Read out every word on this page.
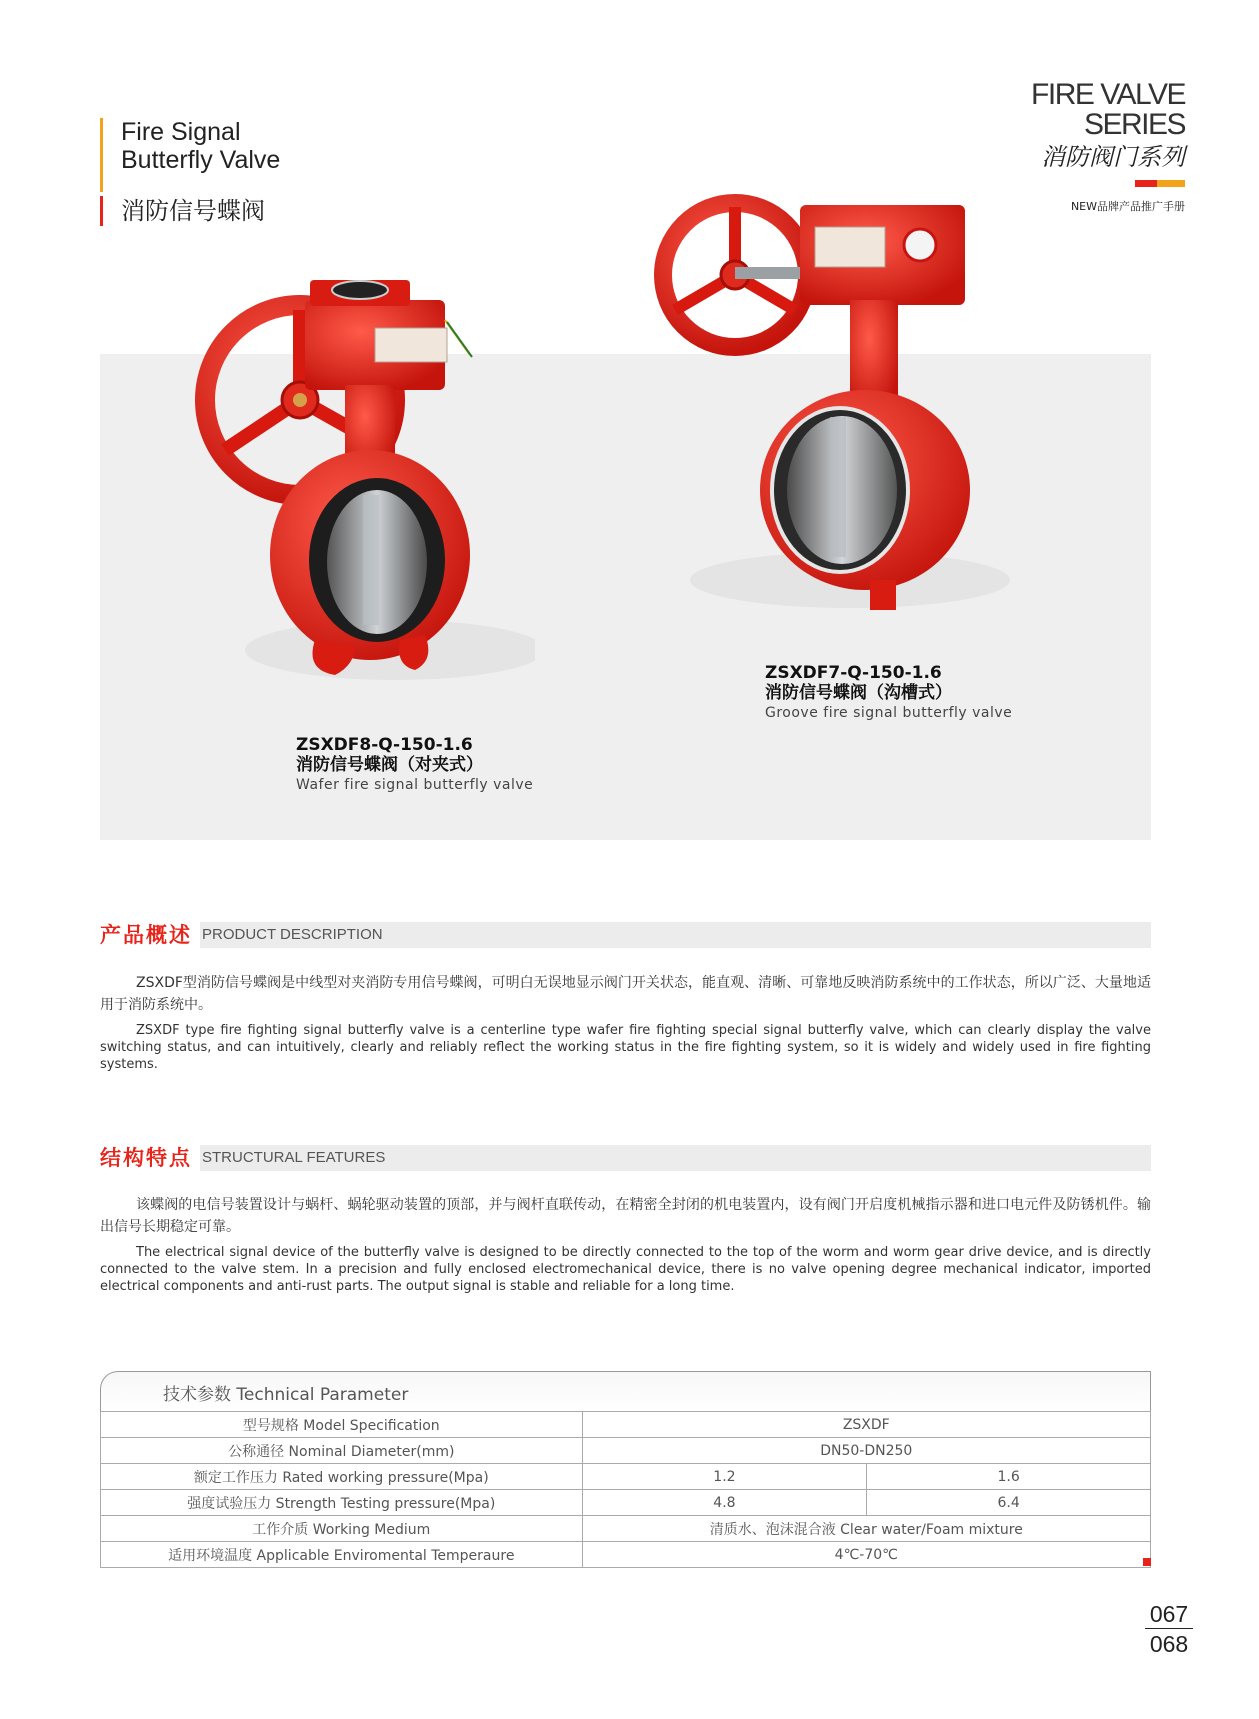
Fire Signal
Butterfly Valve
消防信号蝶阀
FIRE VALVE
SERIES
消防阀门系列
NEW品牌产品推广手册
ZSXDF8-Q-150-1.6
消防信号蝶阀（对夹式）
Wafer fire signal butterfly valve
ZSXDF7-Q-150-1.6
消防信号蝶阀（沟槽式）
Groove fire signal butterfly valve
产品概述 PRODUCT DESCRIPTION

ZSXDF型消防信号蝶阀是中线型对夹消防专用信号蝶阀，可明白无误地显示阀门开关状态，能直观、清晰、可靠地反映消防系统中的工作状态，所以广泛、大量地适用于消防系统中。

ZSXDF type fire fighting signal butterfly valve is a centerline type wafer fire fighting special signal butterfly valve, which can clearly display the valve switching status, and can intuitively, clearly and reliably reflect the working status in the fire fighting system, so it is widely and widely used in fire fighting systems.

结构特点 STRUCTURAL FEATURES

该蝶阀的电信号装置设计与蜗杆、蜗轮驱动装置的顶部，并与阀杆直联传动，在精密全封闭的机电装置内，设有阀门开启度机械指示器和进口电元件及防锈机件。输出信号长期稳定可靠。

The electrical signal device of the butterfly valve is designed to be directly connected to the top of the worm and worm gear drive device, and is directly connected to the valve stem. In a precision and fully enclosed electromechanical device, there is no valve opening degree mechanical indicator, imported electrical components and anti-rust parts. The output signal is stable and reliable for a long time.

技术参数 Technical Parameter
型号规格 Model Specification	ZSXDF	
公称通径 Nominal Diameter(mm)	DN50-DN250	
额定工作压力 Rated working pressure(Mpa)	1.2	1.6
强度试验压力 Strength Testing pressure(Mpa)	4.8	6.4
工作介质 Working Medium	清质水、泡沫混合液 Clear water/Foam mixture	
适用环境温度 Applicable Enviromental Temperaure	4℃-70℃	
067
068
